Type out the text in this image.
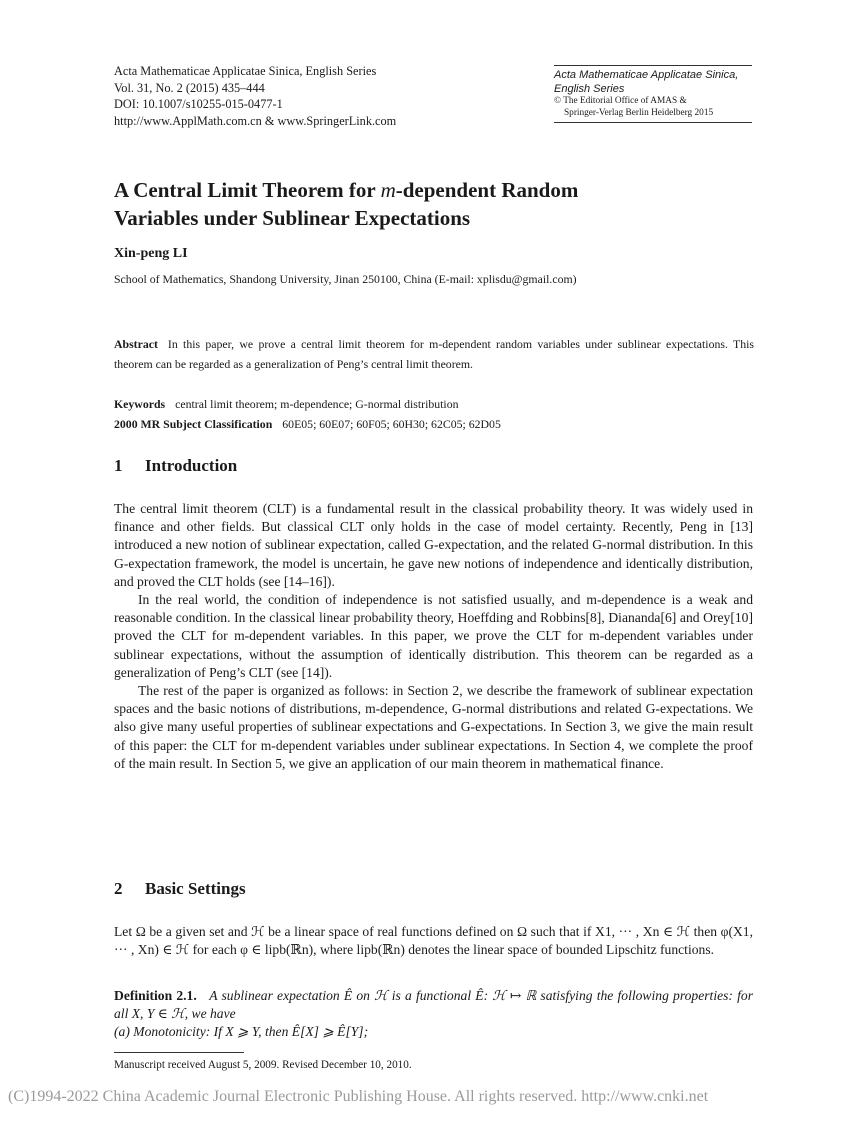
Acta Mathematicae Applicatae Sinica, English Series
Vol. 31, No. 2 (2015) 435–444
DOI: 10.1007/s10255-015-0477-1
http://www.ApplMath.com.cn & www.SpringerLink.com
Acta Mathematicae Applicatae Sinica,
English Series
© The Editorial Office of AMAS &
Springer-Verlag Berlin Heidelberg 2015
A Central Limit Theorem for m-dependent Random
Variables under Sublinear Expectations
Xin-peng LI
School of Mathematics, Shandong University, Jinan 250100, China (E-mail: xplisdu@gmail.com)
Abstract In this paper, we prove a central limit theorem for m-dependent random variables under sublinear expectations. This theorem can be regarded as a generalization of Peng’s central limit theorem.
Keywords central limit theorem; m-dependence; G-normal distribution
2000 MR Subject Classification 60E05; 60E07; 60F05; 60H30; 62C05; 62D05
1 Introduction

The central limit theorem (CLT) is a fundamental result in the classical probability theory. It was widely used in finance and other fields. But classical CLT only holds in the case of model certainty. Recently, Peng in [13] introduced a new notion of sublinear expectation, called G-expectation, and the related G-normal distribution. In this G-expectation framework, the model is uncertain, he gave new notions of independence and identically distribution, and proved the CLT holds (see [14–16]).

In the real world, the condition of independence is not satisfied usually, and m-dependence is a weak and reasonable condition. In the classical linear probability theory, Hoeffding and Robbins[8], Diananda[6] and Orey[10] proved the CLT for m-dependent variables. In this paper, we prove the CLT for m-dependent variables under sublinear expectations, without the assumption of identically distribution. This theorem can be regarded as a generalization of Peng’s CLT (see [14]).

The rest of the paper is organized as follows: in Section 2, we describe the framework of sublinear expectation spaces and the basic notions of distributions, m-dependence, G-normal distributions and related G-expectations. We also give many useful properties of sublinear expectations and G-expectations. In Section 3, we give the main result of this paper: the CLT for m-dependent variables under sublinear expectations. In Section 4, we complete the proof of the main result. In Section 5, we give an application of our main theorem in mathematical finance.

2 Basic Settings

Let Ω be a given set and ℋ be a linear space of real functions defined on Ω such that if X1, ··· , Xn ∈ ℋ then φ(X1, ··· , Xn) ∈ ℋ for each φ ∈ lipb(ℝn), where lipb(ℝn) denotes the linear space of bounded Lipschitz functions.

Definition 2.1. A sublinear expectation Ê on ℋ is a functional Ê: ℋ ↦ ℝ satisfying the following properties: for all X, Y ∈ ℋ, we have
(a) Monotonicity: If X ⩾ Y, then Ê[X] ⩾ Ê[Y];
Manuscript received August 5, 2009. Revised December 10, 2010.
(C)1994-2022 China Academic Journal Electronic Publishing House. All rights reserved. http://www.cnki.net
